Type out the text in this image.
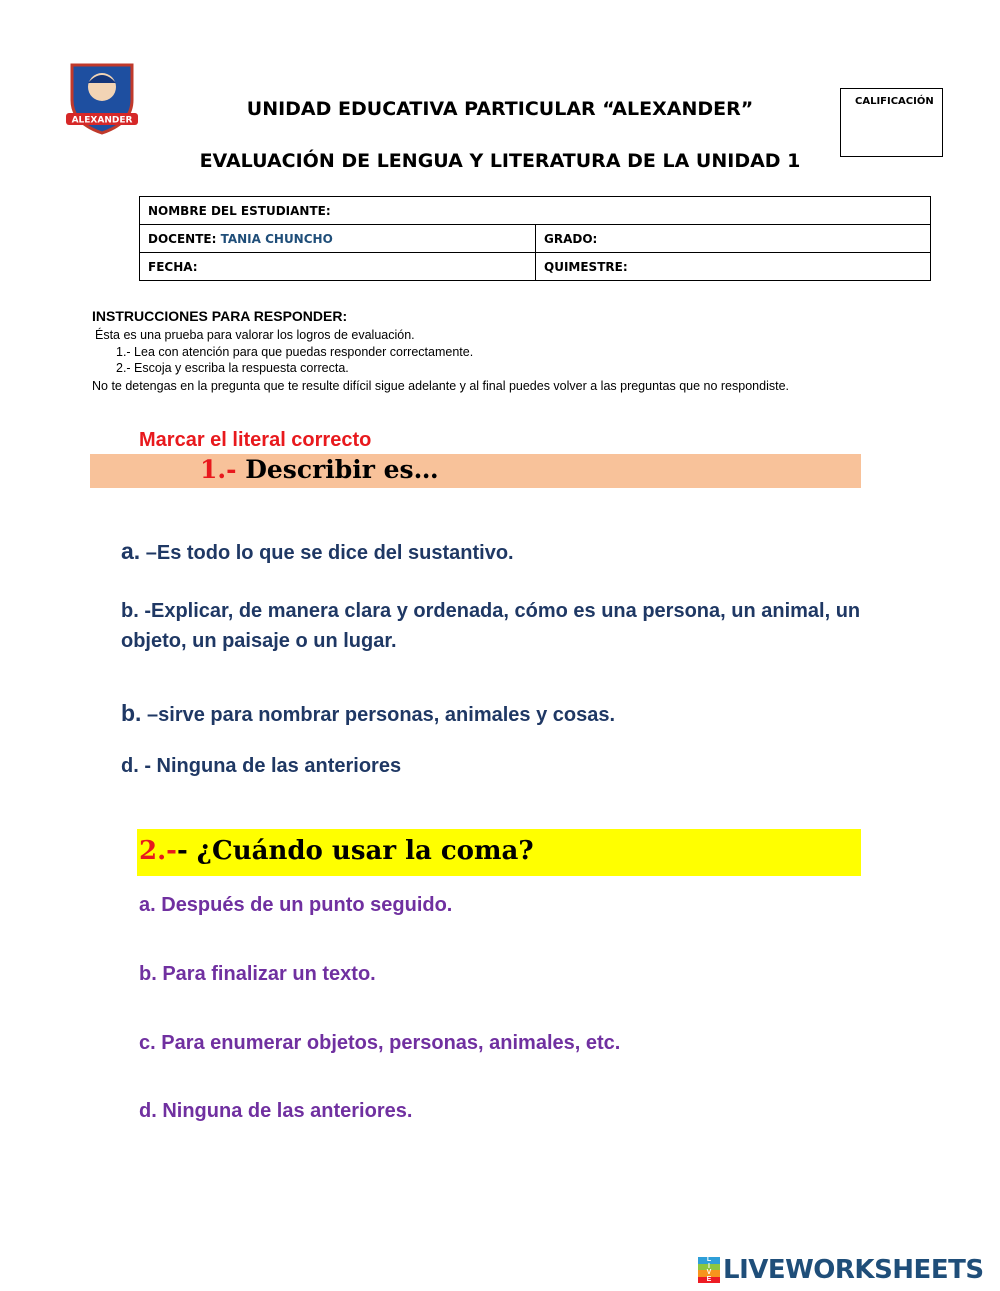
ALEXANDER
UNIDAD EDUCATIVA PARTICULAR “ALEXANDER”
EVALUACIÓN DE LENGUA Y LITERATURA DE LA UNIDAD 1
CALIFICACIÓN
NOMBRE DEL ESTUDIANTE:	
DOCENTE: TANIA CHUNCHO	GRADO:
FECHA:	QUIMESTRE:
INSTRUCCIONES PARA RESPONDER:
Ésta es una prueba para valorar los logros de evaluación.
1.- Lea con atención para que puedas responder correctamente.
2.- Escoja y escriba la respuesta correcta.
No te detengas en la pregunta que te resulte difícil sigue adelante y al final puedes volver a las preguntas que no respondiste.
Marcar el literal correcto
1.- Describir es…
a. –Es todo lo que se dice del sustantivo.
b. -Explicar, de manera clara y ordenada, cómo es una persona, un animal, un objeto, un paisaje o un lugar.
b. –sirve para nombrar personas, animales y cosas.
d. - Ninguna de las anteriores
2.-- ¿Cuándo usar la coma?
a. Después de un punto seguido.
b. Para finalizar un texto.
c. Para enumerar objetos, personas, animales, etc.
d. Ninguna de las anteriores.
L
I
V
E LIVEWORKSHEETS
